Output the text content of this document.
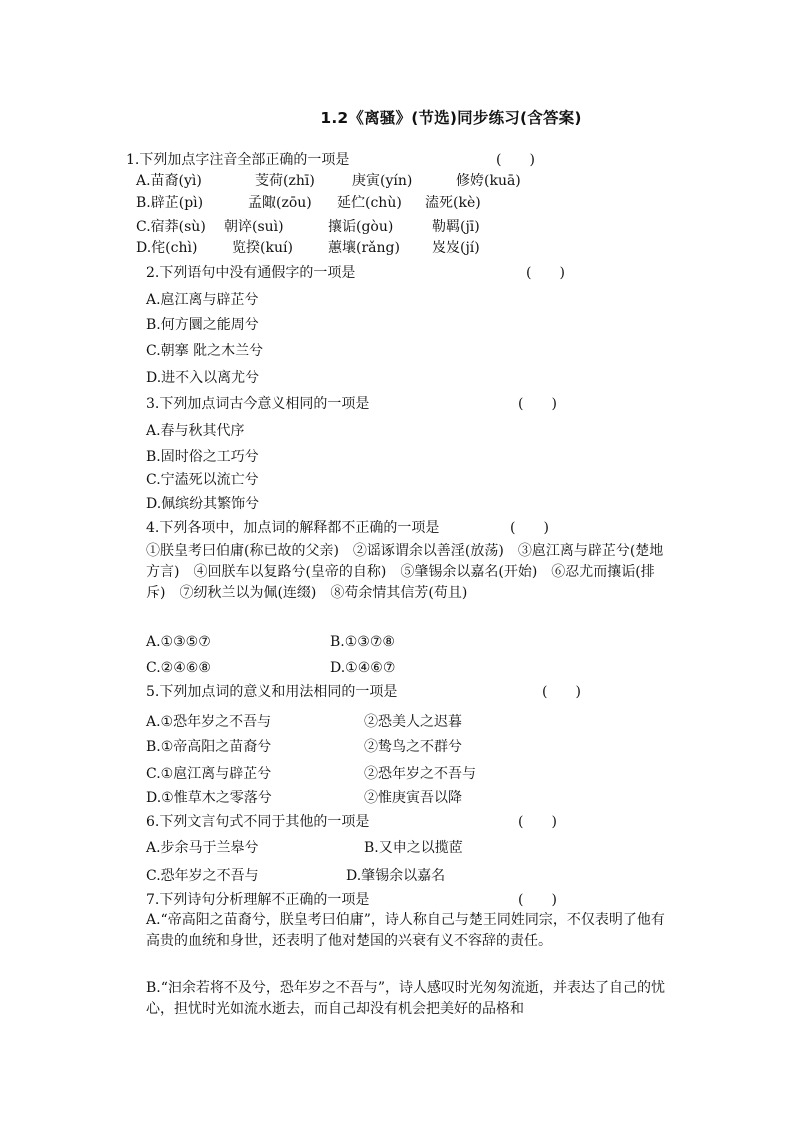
1.2《离骚》(节选)同步练习(含答案)
1.下列加点字注音全部正确的一项是	(　　)
A.苗裔(yì)	芰荷(zhī)	庚寅(yín)	修姱(kuā)
B.辟芷(pì)	孟陬(zōu) 延伫(chù) 溘死(kè)
C.宿莽(sù) 朝谇(suì)	攘诟(gòu)	勒羁(jī)
D.侘(chì) 览揆(kuí)	蕙壤(rǎng) 岌岌(jí)
2.下列语句中没有通假字的一项是	(　　)
A.扈江离与辟芷兮
B.何方圜之能周兮
C.朝搴 阰之木兰兮
D.进不入以离尤兮
3.下列加点词古今意义相同的一项是	(　　)
A.春与秋其代序
B.固时俗之工巧兮
C.宁溘死以流亡兮
D.佩缤纷其繁饰兮
4.下列各项中，加点词的解释都不正确的一项是	(　　)
①朕皇考曰伯庸(称已故的父亲)　②谣诼谓余以善淫(放荡)　③扈江离与辟芷兮(楚地方言)　④回朕车以复路兮(皇帝的自称)　⑤肇锡余以嘉名(开始)　⑥忍尤而攘诟(排斥)　⑦纫秋兰以为佩(连缀)　⑧苟余情其信芳(苟且)
A.①③⑤⑦	B.①③⑦⑧
C.②④⑥⑧	D.①④⑥⑦
5.下列加点词的意义和用法相同的一项是	(　　)
A.①恐年岁之不吾与	②恐美人之迟暮
B.①帝高阳之苗裔兮	②鸷鸟之不群兮
C.①扈江离与辟芷兮	②恐年岁之不吾与
D.①惟草木之零落兮	②惟庚寅吾以降
6.下列文言句式不同于其他的一项是	(　　)
A.步余马于兰皋兮	B.又申之以揽茝
C.恐年岁之不吾与	D.肇锡余以嘉名
7.下列诗句分析理解不正确的一项是	(　　)
A.“帝高阳之苗裔兮，朕皇考曰伯庸”，诗人称自己与楚王同姓同宗，不仅表明了他有高贵的血统和身世，还表明了他对楚国的兴衰有义不容辞的责任。
B.“汩余若将不及兮，恐年岁之不吾与”，诗人感叹时光匆匆流逝，并表达了自己的忧心，担忧时光如流水逝去，而自己却没有机会把美好的品格和
